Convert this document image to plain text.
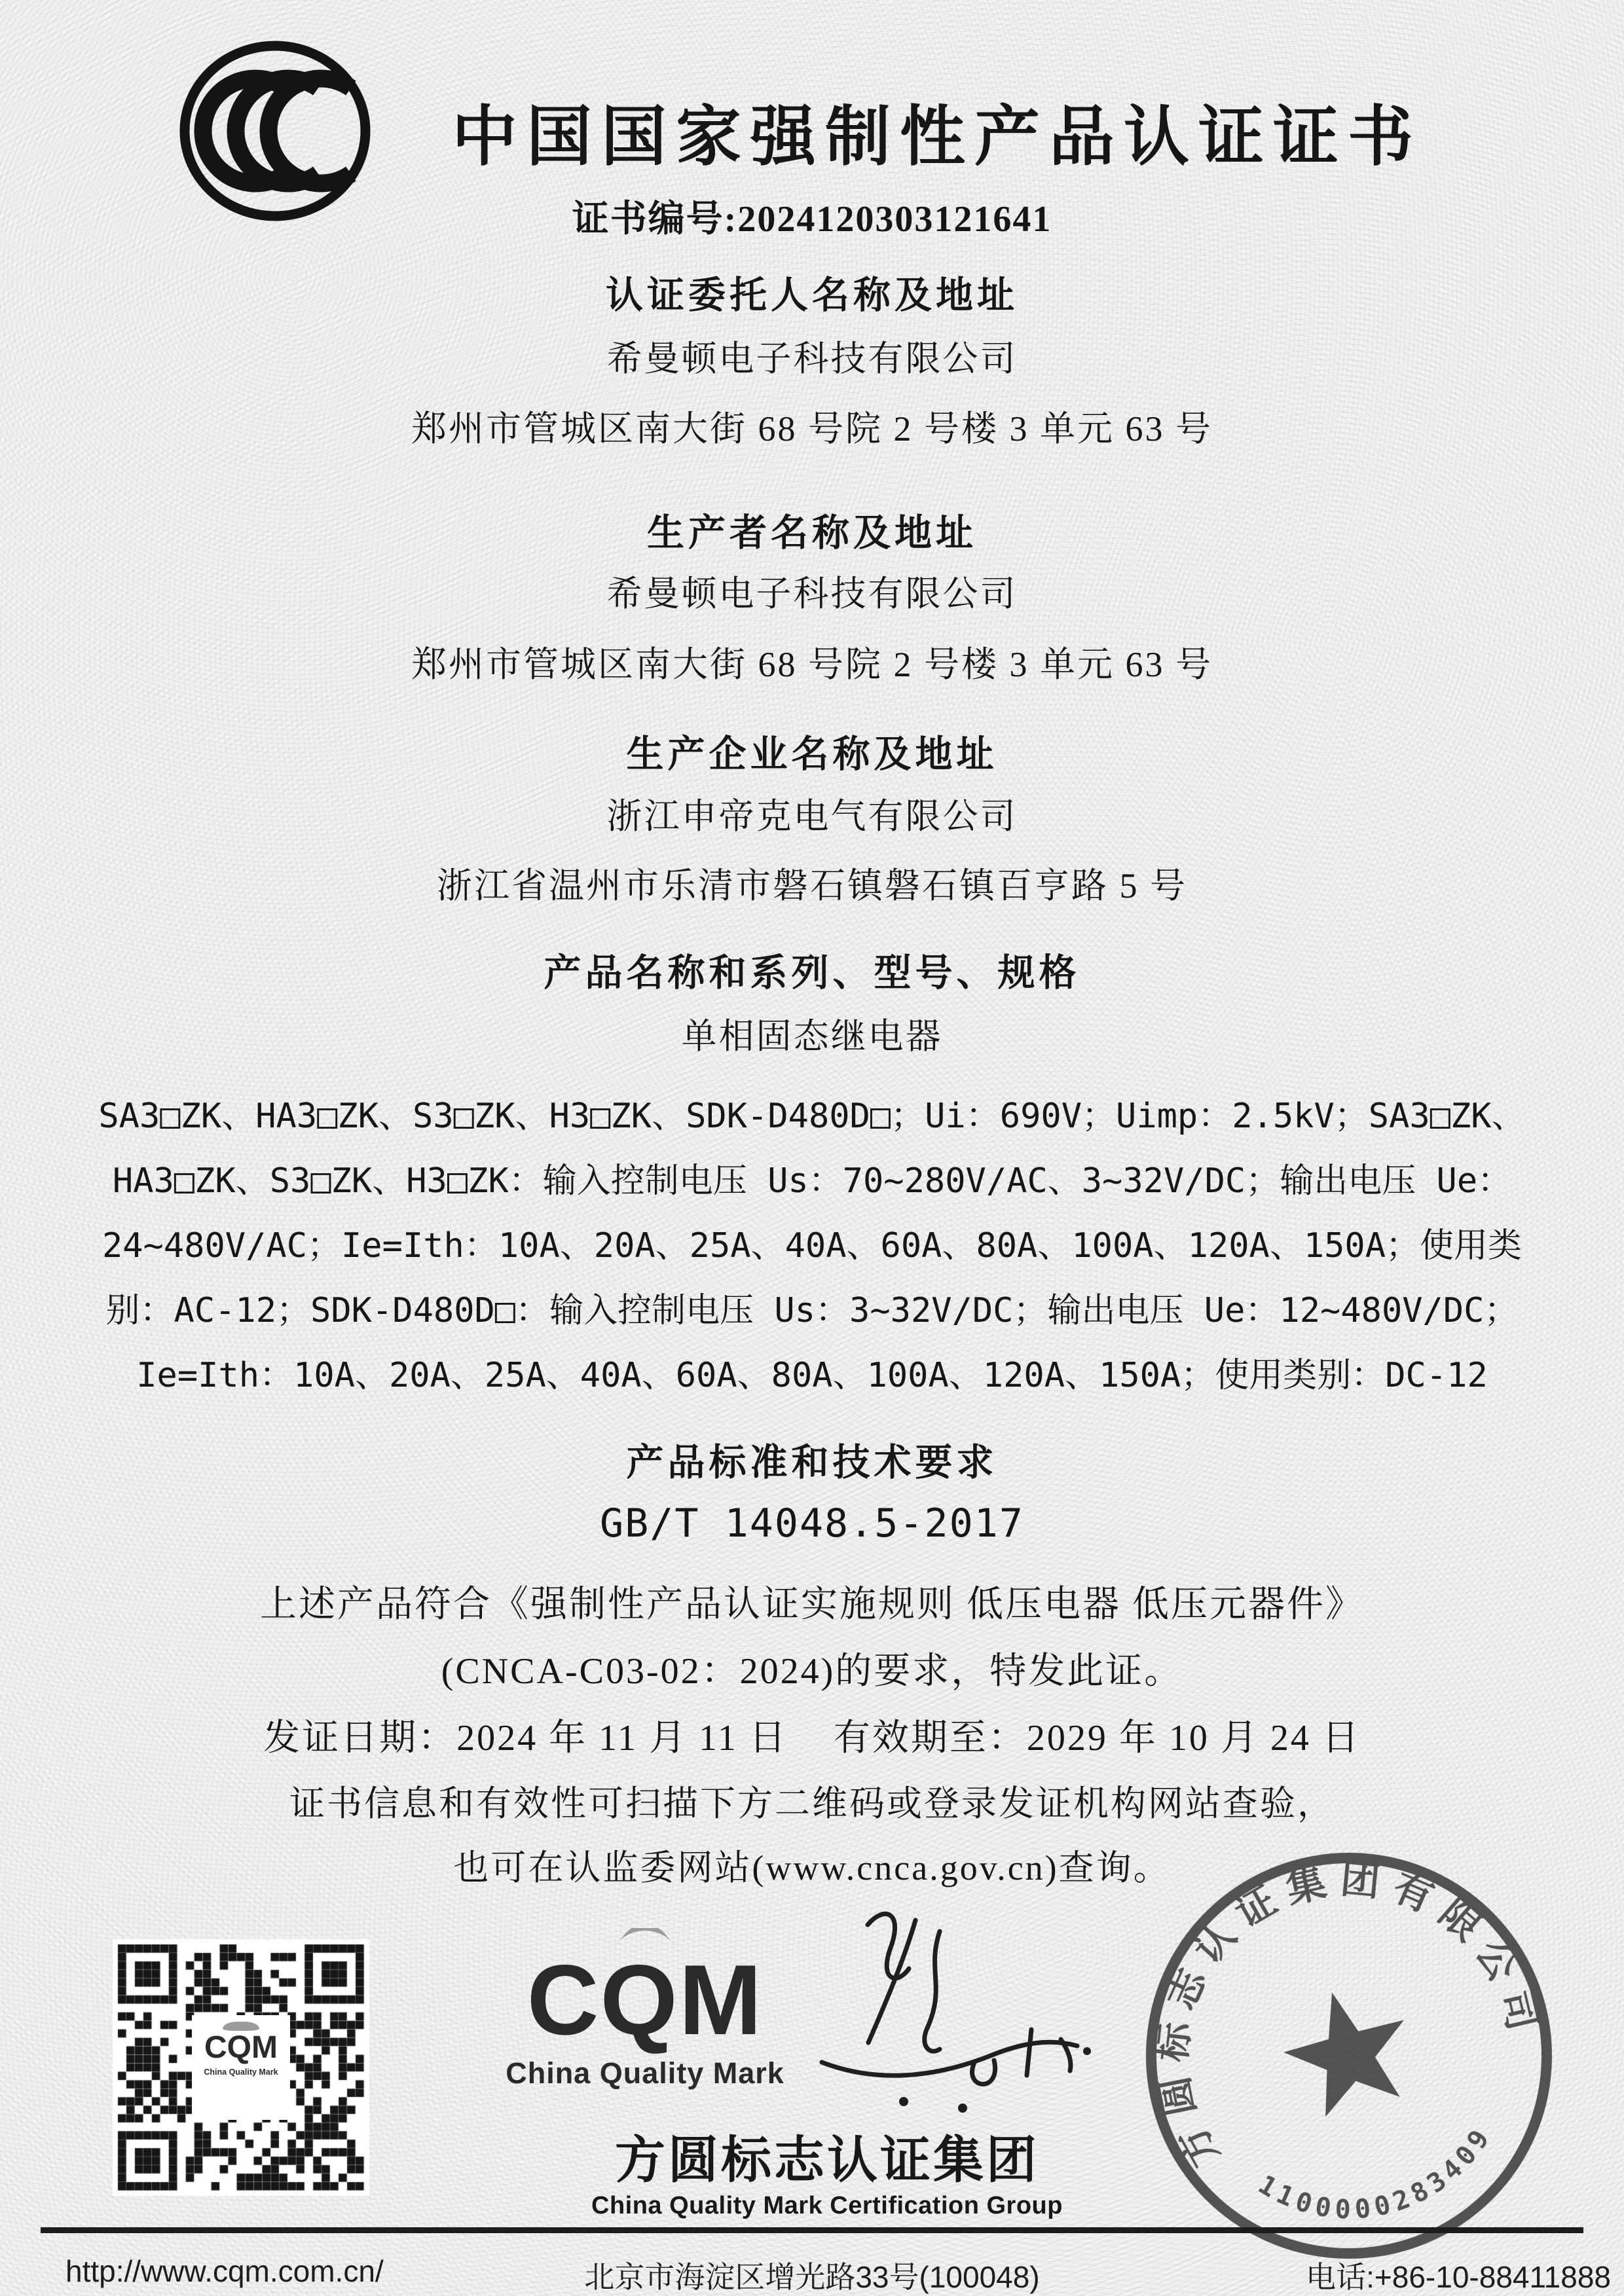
中国国家强制性产品认证证书
证书编号:2024120303121641
认证委托人名称及地址
希曼顿电子科技有限公司
郑州市管城区南大街 68 号院 2 号楼 3 单元 63 号
生产者名称及地址
希曼顿电子科技有限公司
郑州市管城区南大街 68 号院 2 号楼 3 单元 63 号
生产企业名称及地址
浙江申帝克电气有限公司
浙江省温州市乐清市磐石镇磐石镇百亨路 5 号
产品名称和系列、型号、规格
单相固态继电器
SA3□ZK、HA3□ZK、S3□ZK、H3□ZK、SDK-D480D□；Ui：690V；Uimp：2.5kV；SA3□ZK、
HA3□ZK、S3□ZK、H3□ZK：输入控制电压 Us：70~280V/AC、3~32V/DC；输出电压 Ue：
24~480V/AC；Ie=Ith：10A、20A、25A、40A、60A、80A、100A、120A、150A；使用类
别：AC-12；SDK-D480D□：输入控制电压 Us：3~32V/DC；输出电压 Ue：12~480V/DC；
Ie=Ith：10A、20A、25A、40A、60A、80A、100A、120A、150A；使用类别：DC-12
产品标准和技术要求
GB/T 14048.5-2017
上述产品符合《强制性产品认证实施规则 低压电器 低压元器件》
(CNCA-C03-02：2024)的要求，特发此证。
发证日期：2024 年 11 月 11 日 有效期至：2029 年 10 月 24 日
证书信息和有效性可扫描下方二维码或登录发证机构网站查验，
也可在认监委网站(www.cnca.gov.cn)查询。
CQM
China Quality Mark
CQM
China Quality Mark
方圆标志认证集团
China Quality Mark Certification Group
方圆标志认证集团有限公司
1100000283409
http://www.cqm.com.cn/	北京市海淀区增光路33号(100048)	电话:+86-10-88411888
